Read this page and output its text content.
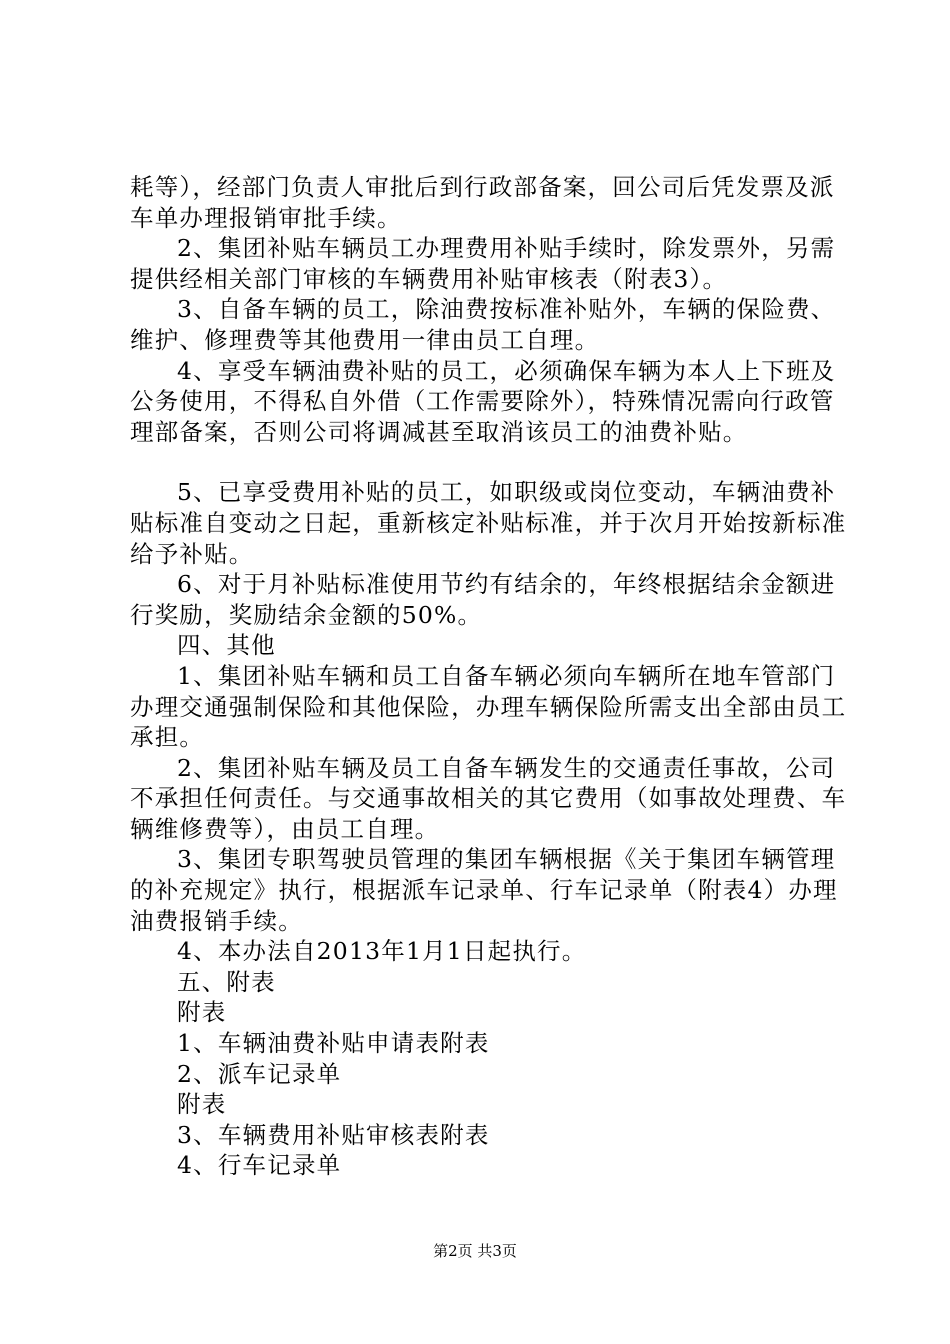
耗等），经部门负责人审批后到行政部备案，回公司后凭发票及派车单办理报销审批手续。

2、集团补贴车辆员工办理费用补贴手续时，除发票外，另需提供经相关部门审核的车辆费用补贴审核表（附表3）。

3、自备车辆的员工，除油费按标准补贴外，车辆的保险费、维护、修理费等其他费用一律由员工自理。

4、享受车辆油费补贴的员工，必须确保车辆为本人上下班及公务使用，不得私自外借（工作需要除外），特殊情况需向行政管理部备案，否则公司将调减甚至取消该员工的油费补贴。

5、已享受费用补贴的员工，如职级或岗位变动，车辆油费补贴标准自变动之日起，重新核定补贴标准，并于次月开始按新标准给予补贴。

6、对于月补贴标准使用节约有结余的，年终根据结余金额进行奖励，奖励结余金额的50%。

四、其他

1、集团补贴车辆和员工自备车辆必须向车辆所在地车管部门办理交通强制保险和其他保险，办理车辆保险所需支出全部由员工承担。

2、集团补贴车辆及员工自备车辆发生的交通责任事故，公司不承担任何责任。与交通事故相关的其它费用（如事故处理费、车辆维修费等），由员工自理。

3、集团专职驾驶员管理的集团车辆根据《关于集团车辆管理的补充规定》执行，根据派车记录单、行车记录单（附表4）办理油费报销手续。

4、本办法自2013年1月1日起执行。

五、附表

附表

1、车辆油费补贴申请表附表

2、派车记录单

附表

3、车辆费用补贴审核表附表

4、行车记录单

第2页 共3页
